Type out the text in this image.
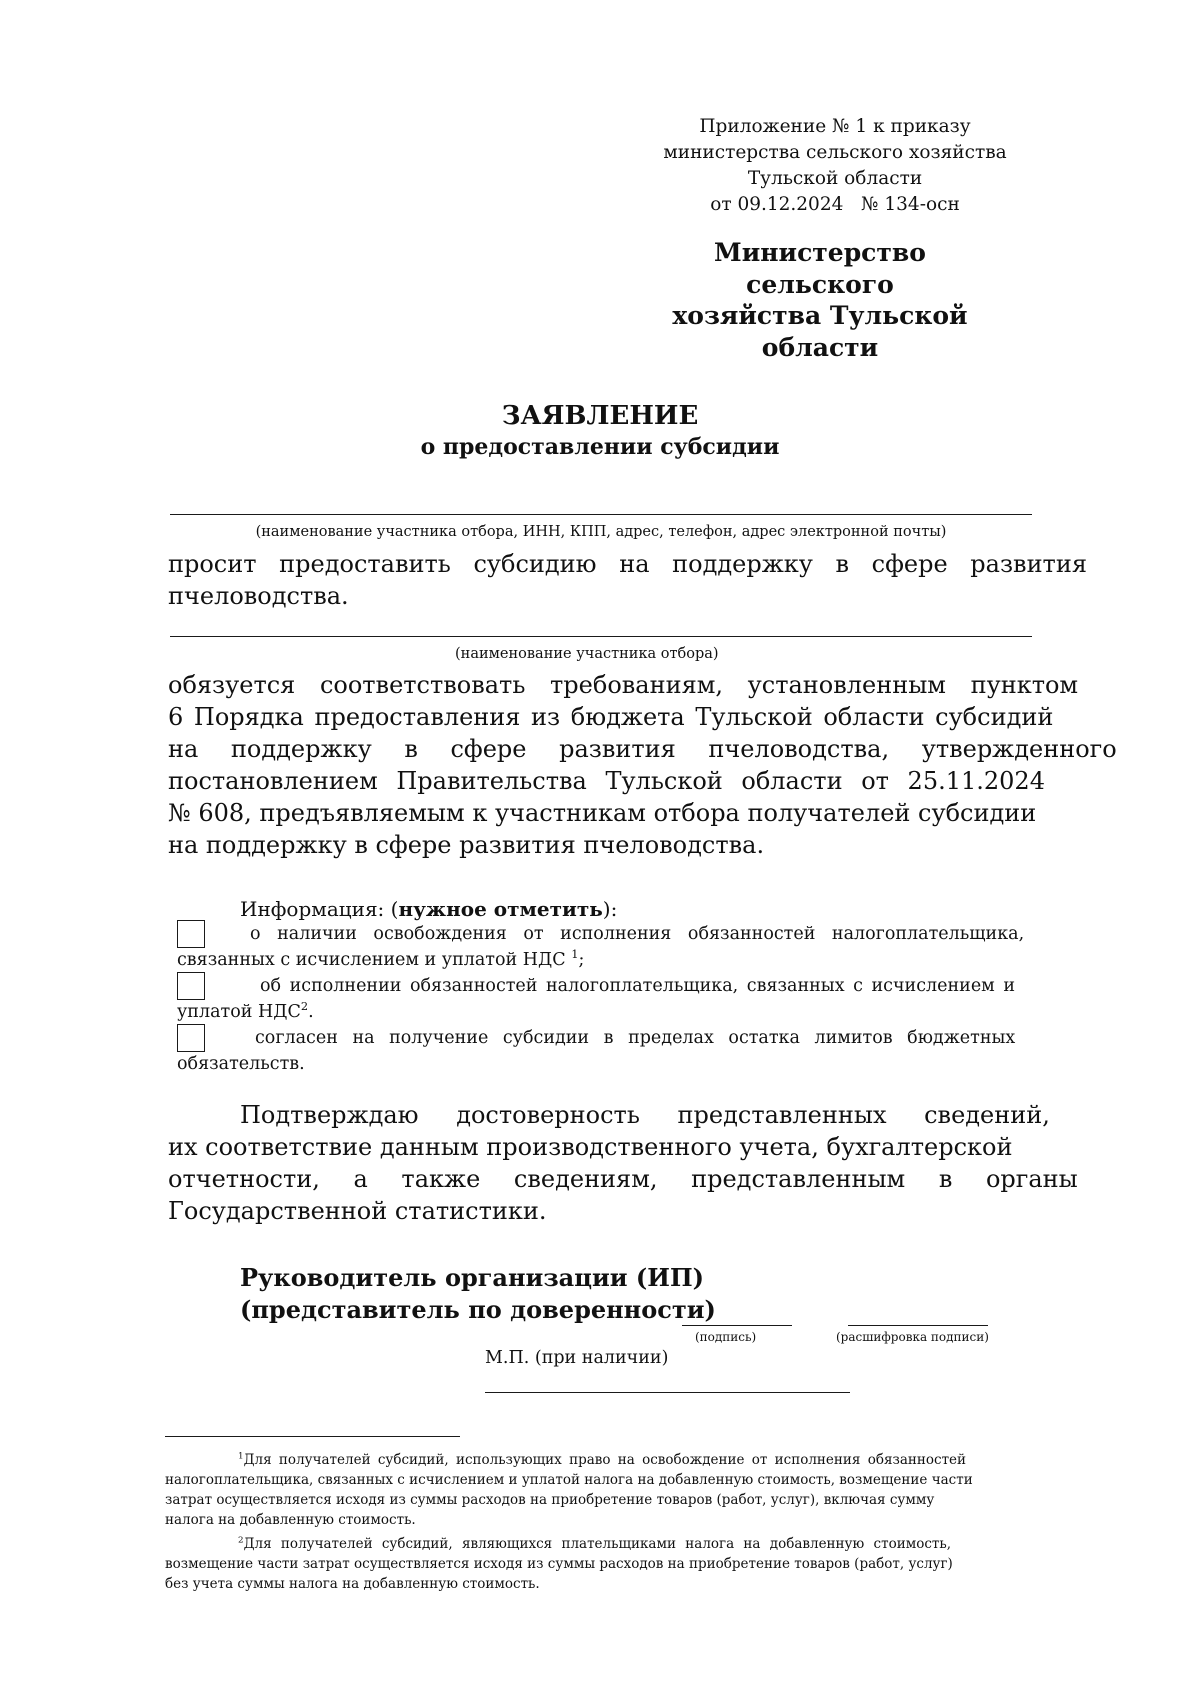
Приложение № 1 к приказу
министерства сельского хозяйства
Тульской области
от 09.12.2024   № 134-осн
Министерство сельского
хозяйства Тульской
области
ЗАЯВЛЕНИЕ
о предоставлении субсидии
(наименование участника отбора, ИНН, КПП, адрес, телефон, адрес электронной почты)
просит предоставить субсидию на поддержку в сфере развития
пчеловодства.
(наименование участника отбора)
обязуется соответствовать требованиям, установленным пунктом
6 Порядка предоставления из бюджета Тульской области субсидий
на поддержку в сфере развития пчеловодства, утвержденного
постановлением Правительства Тульской области от 25.11.2024
№ 608, предъявляемым к участникам отбора получателей субсидии
на поддержку в сфере развития пчеловодства.
Информация: (нужное отметить):
о наличии освобождения от исполнения обязанностей налогоплательщика,
связанных с исчислением и уплатой НДС $^1$;
об исполнении обязанностей налогоплательщика, связанных с исчислением и
уплатой НДС$^2$.
согласен на получение субсидии в пределах остатка лимитов бюджетных
обязательств.
Подтверждаю достоверность представленных сведений,
их соответствие данным производственного учета, бухгалтерской
отчетности, а также сведениям, представленным в органы
Государственной статистики.
Руководитель организации (ИП)
(представитель по доверенности)
(подпись)	(расшифровка подписи)
М.П. (при наличии)
$^1$Для получателей субсидий, использующих право на освобождение от исполнения обязанностей
налогоплательщика, связанных с исчислением и уплатой налога на добавленную стоимость, возмещение части
затрат осуществляется исходя из суммы расходов на приобретение товаров (работ, услуг), включая сумму
налога на добавленную стоимость.
$^2$Для получателей субсидий, являющихся плательщиками налога на добавленную стоимость,
возмещение части затрат осуществляется исходя из суммы расходов на приобретение товаров (работ, услуг)
без учета суммы налога на добавленную стоимость.
